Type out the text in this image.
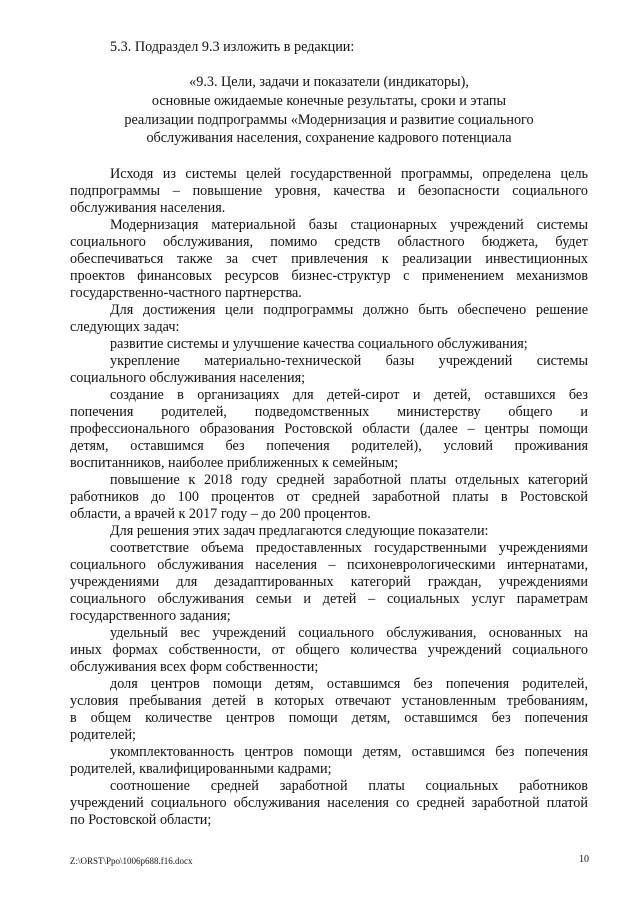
5.3. Подраздел 9.3 изложить в редакции:

«9.3. Цели, задачи и показатели (индикаторы),

основные ожидаемые конечные результаты, сроки и этапы

реализации подпрограммы «Модернизация и развитие социального

обслуживания населения, сохранение кадрового потенциала

Исходя из системы целей государственной программы, определена цель

подпрограммы – повышение уровня, качества и безопасности социального

обслуживания населения.

Модернизация материальной базы стационарных учреждений системы

социального обслуживания, помимо средств областного бюджета, будет

обеспечиваться также за счет привлечения к реализации инвестиционных

проектов финансовых ресурсов бизнес-структур с применением механизмов

государственно-частного партнерства.

Для достижения цели подпрограммы должно быть обеспечено решение

следующих задач:

развитие системы и улучшение качества социального обслуживания;

укрепление материально-технической базы учреждений системы

социального обслуживания населения;

создание в организациях для детей-сирот и детей, оставшихся без

попечения родителей, подведомственных министерству общего и

профессионального образования Ростовской области (далее – центры помощи

детям, оставшимся без попечения родителей), условий проживания

воспитанников, наиболее приближенных к семейным;

повышение к 2018 году средней заработной платы отдельных категорий

работников до 100 процентов от средней заработной платы в Ростовской

области, а врачей к 2017 году – до 200 процентов.

Для решения этих задач предлагаются следующие показатели:

соответствие объема предоставленных государственными учреждениями

социального обслуживания населения – психоневрологическими интернатами,

учреждениями для дезадаптированных категорий граждан, учреждениями

социального обслуживания семьи и детей – социальных услуг параметрам

государственного задания;

удельный вес учреждений социального обслуживания, основанных на

иных формах собственности, от общего количества учреждений социального

обслуживания всех форм собственности;

доля центров помощи детям, оставшимся без попечения родителей,

условия пребывания детей в которых отвечают установленным требованиям,

в общем количестве центров помощи детям, оставшимся без попечения

родителей;

укомплектованность центров помощи детям, оставшимся без попечения

родителей, квалифицированными кадрами;

соотношение средней заработной платы социальных работников

учреждений социального обслуживания населения со средней заработной платой

по Ростовской области;

Z:\ORST\Ppo\1006p688.f16.docx	10
